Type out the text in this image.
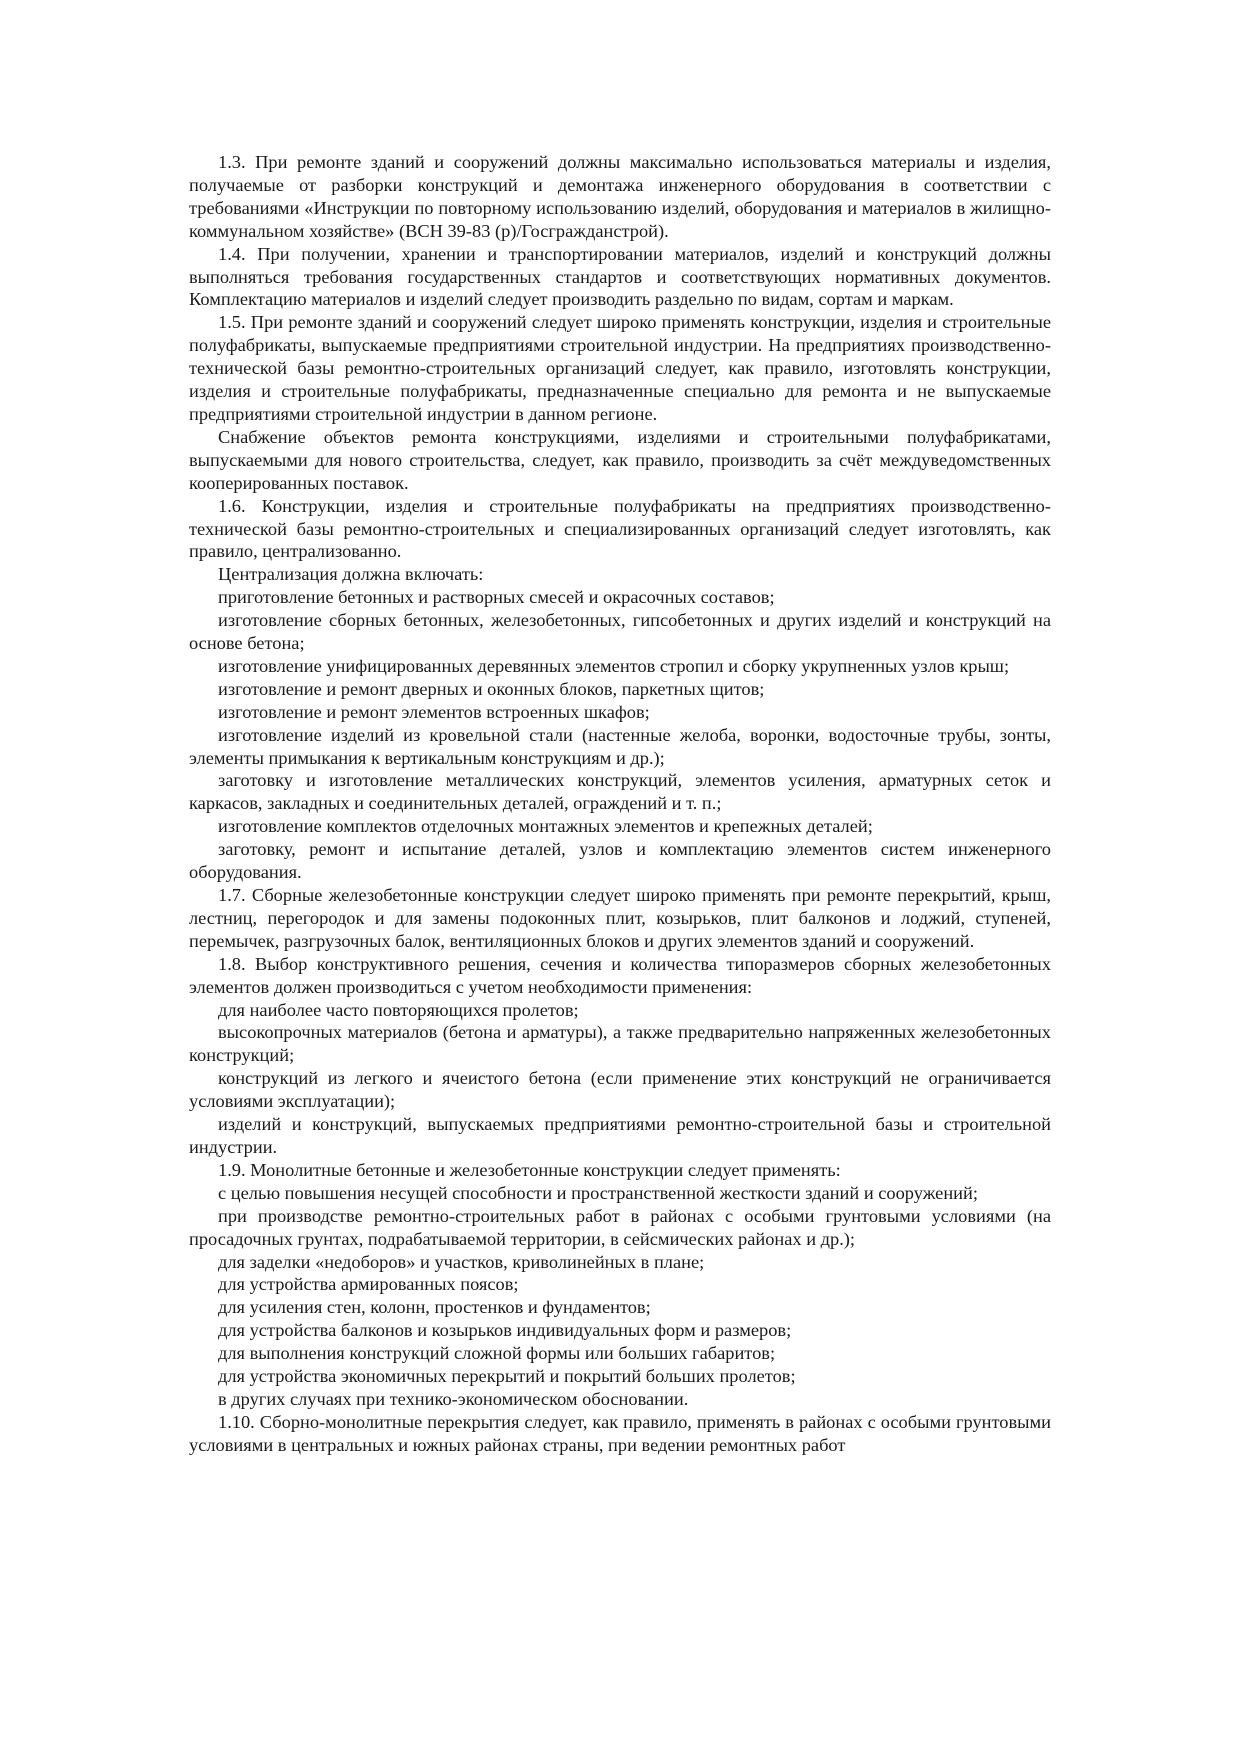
1.3. При ремонте зданий и сооружений должны максимально использоваться материалы и изделия, получаемые от разборки конструкций и демонтажа инженерного оборудования в соответствии с требованиями «Инструкции по повторному использованию изделий, оборудования и материалов в жилищно-коммунальном хозяйстве» (ВСН 39-83 (р)/Госгражданстрой).

1.4. При получении, хранении и транспортировании материалов, изделий и конструкций должны выполняться требования государственных стандартов и соответствующих нормативных документов. Комплектацию материалов и изделий следует производить раздельно по видам, сортам и маркам.

1.5. При ремонте зданий и сооружений следует широко применять конструкции, изделия и строительные полуфабрикаты, выпускаемые предприятиями строительной индустрии. На предприятиях производственно-технической базы ремонтно-строительных организаций следует, как правило, изготовлять конструкции, изделия и строительные полуфабрикаты, предназначенные специально для ремонта и не выпускаемые предприятиями строительной индустрии в данном регионе.

Снабжение объектов ремонта конструкциями, изделиями и строительными полуфабрикатами, выпускаемыми для нового строительства, следует, как правило, производить за счёт междуведомственных кооперированных поставок.

1.6. Конструкции, изделия и строительные полуфабрикаты на предприятиях производственно-технической базы ремонтно-строительных и специализированных организаций следует изготовлять, как правило, централизованно.

Централизация должна включать:

приготовление бетонных и растворных смесей и окрасочных составов;

изготовление сборных бетонных, железобетонных, гипсобетонных и других изделий и конструкций на основе бетона;

изготовление унифицированных деревянных элементов стропил и сборку укрупненных узлов крыш;

изготовление и ремонт дверных и оконных блоков, паркетных щитов;

изготовление и ремонт элементов встроенных шкафов;

изготовление изделий из кровельной стали (настенные желоба, воронки, водосточные трубы, зонты, элементы примыкания к вертикальным конструкциям и др.);

заготовку и изготовление металлических конструкций, элементов усиления, арматурных сеток и каркасов, закладных и соединительных деталей, ограждений и т. п.;

изготовление комплектов отделочных монтажных элементов и крепежных деталей;

заготовку, ремонт и испытание деталей, узлов и комплектацию элементов систем инженерного оборудования.

1.7. Сборные железобетонные конструкции следует широко применять при ремонте перекрытий, крыш, лестниц, перегородок и для замены подоконных плит, козырьков, плит балконов и лоджий, ступеней, перемычек, разгрузочных балок, вентиляционных блоков и других элементов зданий и сооружений.

1.8. Выбор конструктивного решения, сечения и количества типоразмеров сборных железобетонных элементов должен производиться с учетом необходимости применения:

для наиболее часто повторяющихся пролетов;

высокопрочных материалов (бетона и арматуры), а также предварительно напряженных железобетонных конструкций;

конструкций из легкого и ячеистого бетона (если применение этих конструкций не ограничивается условиями эксплуатации);

изделий и конструкций, выпускаемых предприятиями ремонтно-строительной базы и строительной индустрии.

1.9. Монолитные бетонные и железобетонные конструкции следует применять:

с целью повышения несущей способности и пространственной жесткости зданий и сооружений;

при производстве ремонтно-строительных работ в районах с особыми грунтовыми условиями (на просадочных грунтах, подрабатываемой территории, в сейсмических районах и др.);

для заделки «недоборов» и участков, криволинейных в плане;

для устройства армированных поясов;

для усиления стен, колонн, простенков и фундаментов;

для устройства балконов и козырьков индивидуальных форм и размеров;

для выполнения конструкций сложной формы или больших габаритов;

для устройства экономичных перекрытий и покрытий больших пролетов;

в других случаях при технико-экономическом обосновании.

1.10. Сборно-монолитные перекрытия следует, как правило, применять в районах с особыми грунтовыми условиями в центральных и южных районах страны, при ведении ремонтных работ
